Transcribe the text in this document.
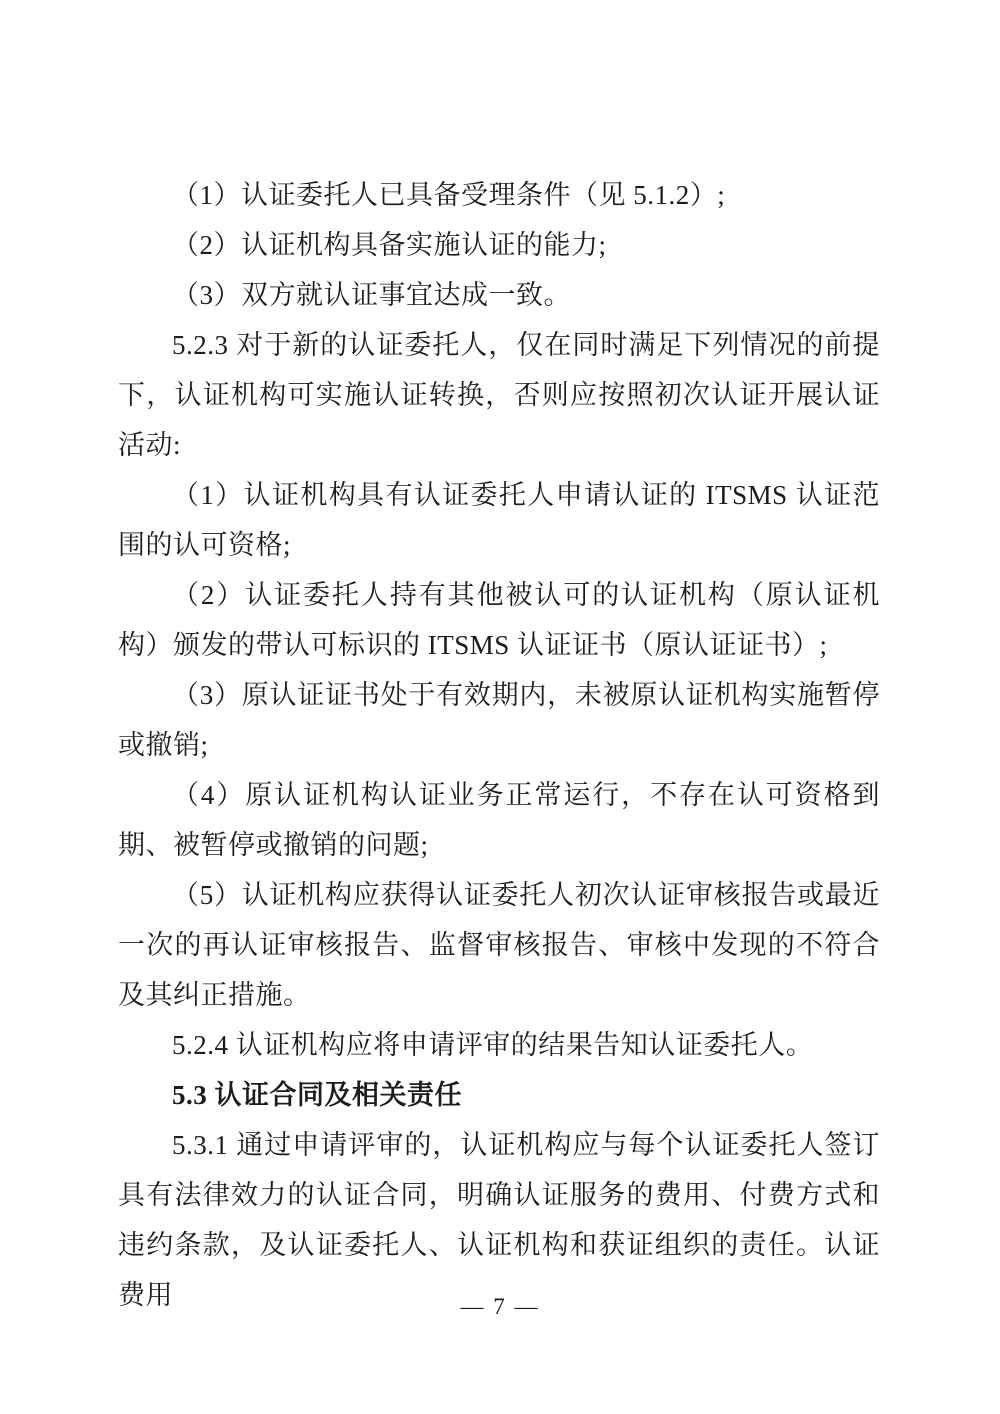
（1）认证委托人已具备受理条件（见 5.1.2）;

（2）认证机构具备实施认证的能力;

（3）双方就认证事宜达成一致。

5.2.3 对于新的认证委托人，仅在同时满足下列情况的前提下，认证机构可实施认证转换，否则应按照初次认证开展认证活动:

（1）认证机构具有认证委托人申请认证的 ITSMS 认证范围的认可资格;

（2）认证委托人持有其他被认可的认证机构（原认证机构）颁发的带认可标识的 ITSMS 认证证书（原认证证书）;

（3）原认证证书处于有效期内，未被原认证机构实施暂停或撤销;

（4）原认证机构认证业务正常运行，不存在认可资格到期、被暂停或撤销的问题;

（5）认证机构应获得认证委托人初次认证审核报告或最近一次的再认证审核报告、监督审核报告、审核中发现的不符合及其纠正措施。

5.2.4 认证机构应将申请评审的结果告知认证委托人。

5.3 认证合同及相关责任

5.3.1 通过申请评审的，认证机构应与每个认证委托人签订具有法律效力的认证合同，明确认证服务的费用、付费方式和违约条款，及认证委托人、认证机构和获证组织的责任。认证费用	— 7 —
